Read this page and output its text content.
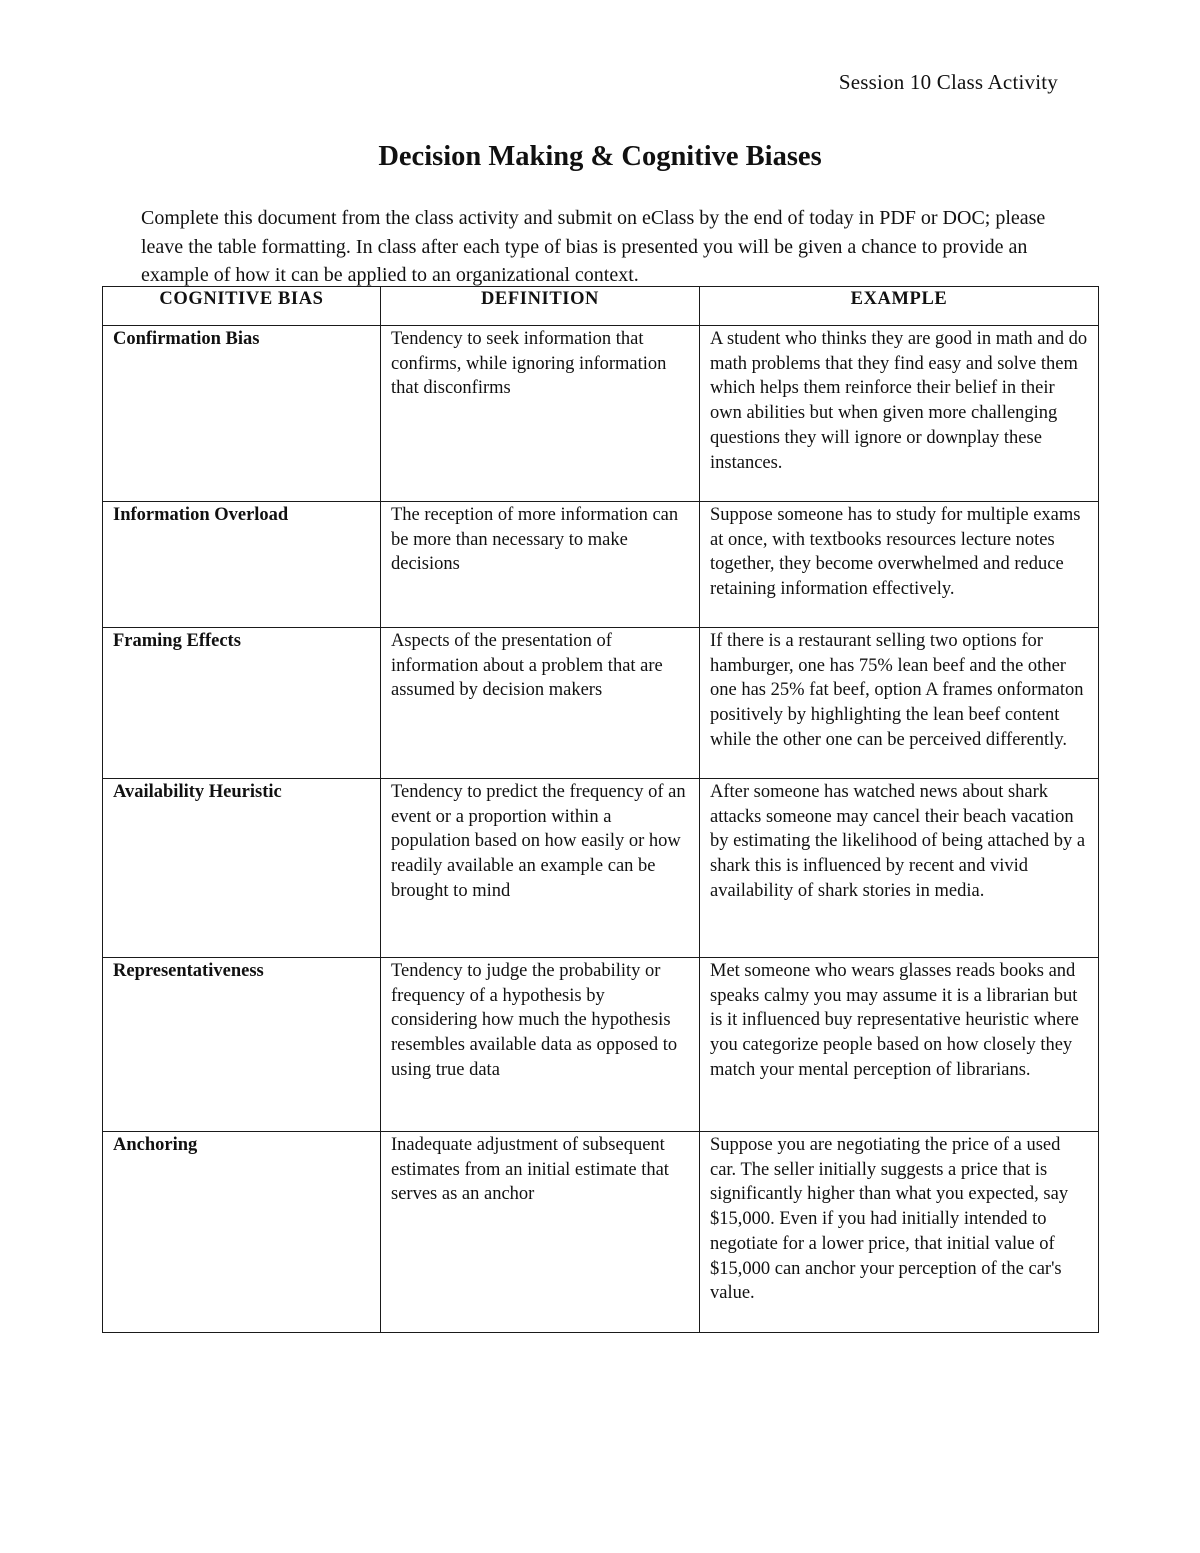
Session 10 Class Activity
Decision Making & Cognitive Biases

Complete this document from the class activity and submit on eClass by the end of today in PDF or DOC; please leave the table formatting. In class after each type of bias is presented you will be given a chance to provide an example of how it can be applied to an organizational context.

COGNITIVE BIAS	DEFINITION	EXAMPLE
Confirmation Bias	Tendency to seek information that confirms, while ignoring information that disconfirms	A student who thinks they are good in math and do math problems that they find easy and solve them which helps them reinforce their belief in their own abilities but when given more challenging questions they will ignore or downplay these instances.
Information Overload	The reception of more information can be more than necessary to make decisions	Suppose someone has to study for multiple exams at once, with textbooks resources lecture notes together, they become overwhelmed and reduce retaining information effectively.
Framing Effects	Aspects of the presentation of information about a problem that are assumed by decision makers	If there is a restaurant selling two options for hamburger, one has 75% lean beef and the other one has 25% fat beef, option A frames onformaton positively by highlighting the lean beef content while the other one can be perceived differently.
Availability Heuristic	Tendency to predict the frequency of an event or a proportion within a population based on how easily or how readily available an example can be brought to mind	After someone has watched news about shark attacks someone may cancel their beach vacation by estimating the likelihood of being attached by a shark this is influenced by recent and vivid availability of shark stories in media.
Representativeness	Tendency to judge the probability or frequency of a hypothesis by considering how much the hypothesis resembles available data as opposed to using true data	Met someone who wears glasses reads books and speaks calmy you may assume it is a librarian but is it influenced buy representative heuristic where you categorize people based on how closely they match your mental perception of librarians.
Anchoring	Inadequate adjustment of subsequent estimates from an initial estimate that serves as an anchor	Suppose you are negotiating the price of a used car. The seller initially suggests a price that is significantly higher than what you expected, say $15,000. Even if you had initially intended to negotiate for a lower price, that initial value of $15,000 can anchor your perception of the car's value.
